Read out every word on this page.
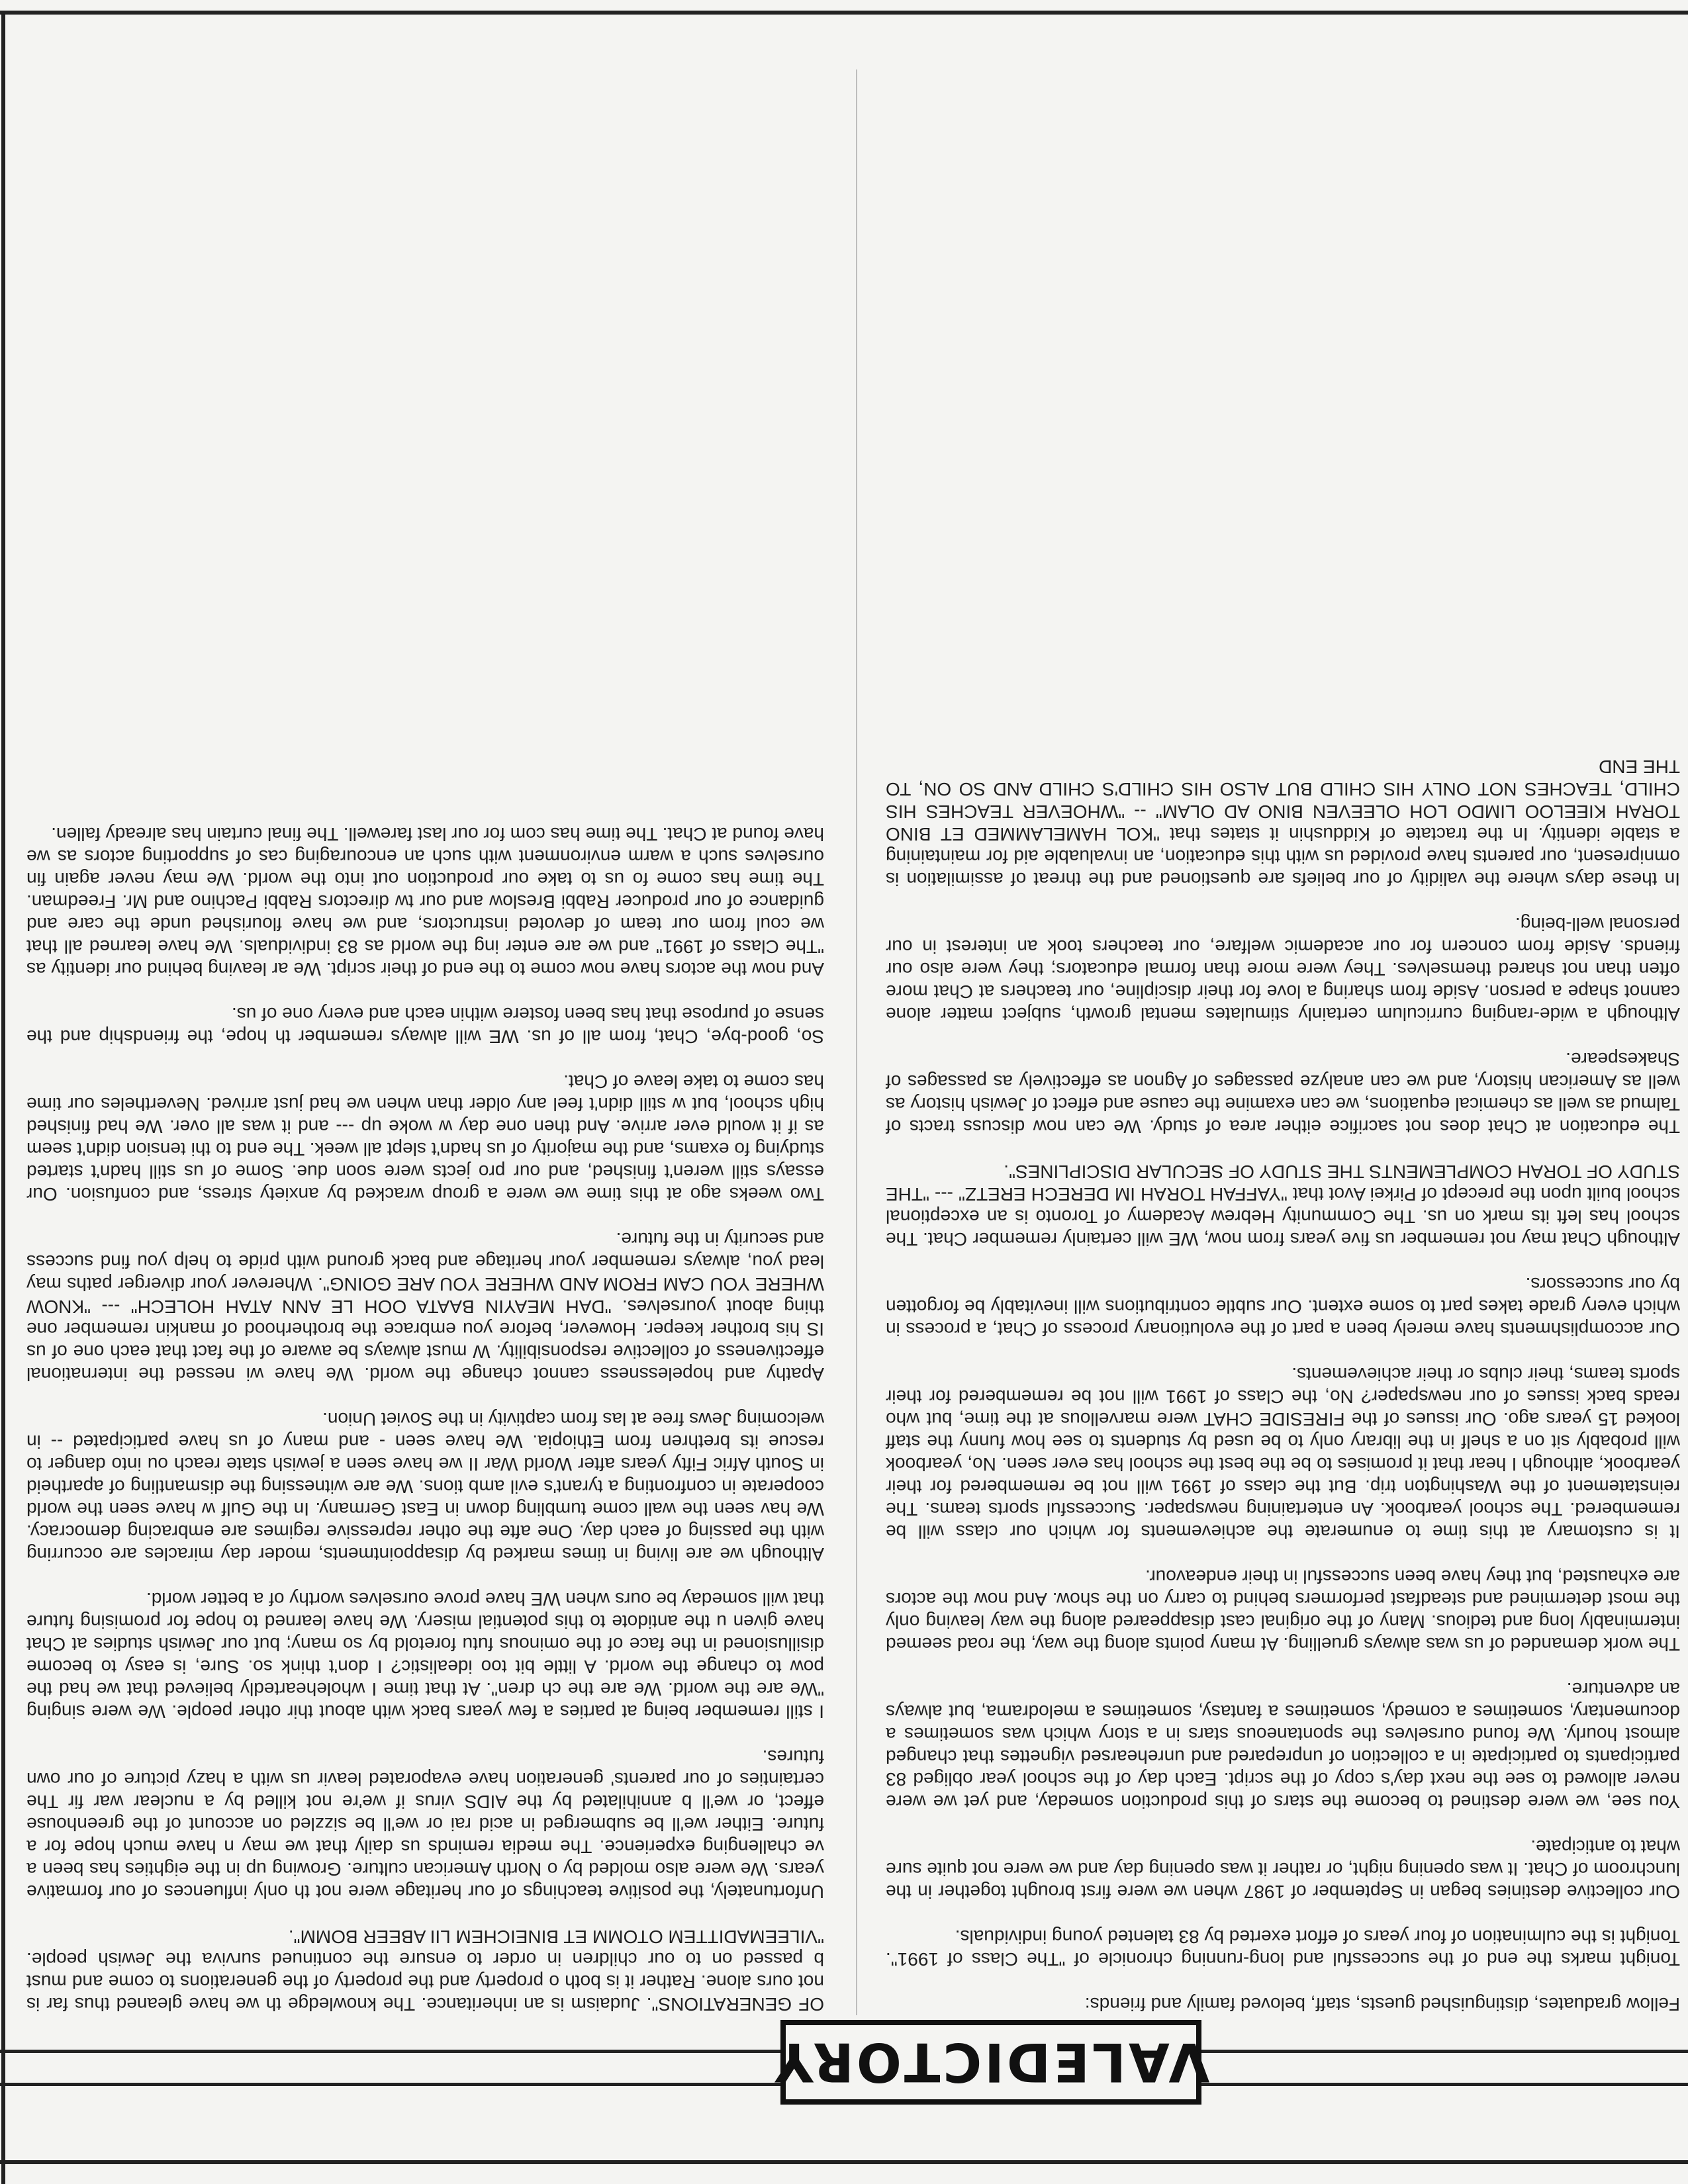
VALEDICTORY

Fellow graduates, distinguished guests, staff, beloved family and friends:

Tonight marks the end of the successful and long-running chronicle of "The Class of 1991". Tonight is the culmination of four years of effort exerted by 83 talented young individuals.

Our collective destinies began in September of 1987 when we were first brought together in the lunchroom of Chat. It was opening night, or rather it was opening day and we were not quite sure what to anticipate.

You see, we were destined to become the stars of this production someday, and yet we were never allowed to see the next day's copy of the script. Each day of the school year obliged 83 participants to participate in a collection of unprepared and unrehearsed vignettes that changed almost hourly. We found ourselves the spontaneous stars in a story which was sometimes a documentary, sometimes a comedy, sometimes a fantasy, sometimes a melodrama, but always an adventure.

The work demanded of us was always gruelling. At many points along the way, the road seemed interminably long and tedious. Many of the original cast disappeared along the way leaving only the most determined and steadfast performers behind to carry on the show. And now the actors are exhausted, but they have been successful in their endeavour.

It is customary at this time to enumerate the achievements for which our class will be remembered. The school yearbook. An entertaining newspaper. Successful sports teams. The reinstatement of the Washington trip. But the class of 1991 will not be remembered for their yearbook, although I hear that it promises to be the best the school has ever seen. No, yearbook will probably sit on a shelf in the library only to be used by students to see how funny the staff looked 15 years ago. Our issues of the FIRESIDE CHAT were marvellous at the time, but who reads back issues of our newspaper? No, the Class of 1991 will not be remembered for their sports teams, their clubs or their achievements.

Our accomplishments have merely been a part of the evolutionary process of Chat, a process in which every grade takes part to some extent. Our subtle contributions will inevitably be forgotten by our successors.

Although Chat may not remember us five years from now, WE will certainly remember Chat. The school has left its mark on us. The Community Hebrew Academy of Toronto is an exceptional school built upon the precept of Pirkei Avot that "YAFFAH TORAH IM DERECH ERETZ" --- "THE STUDY OF TORAH COMPLEMENTS THE STUDY OF SECULAR DISCIPLINES".

The education at Chat does not sacrifice either area of study. We can now discuss tracts of Talmud as well as chemical equations, we can examine the cause and effect of Jewish history as well as American history, and we can analyze passages of Agnon as effectively as passages of Shakespeare.

Although a wide-ranging curriculum certainly stimulates mental growth, subject matter alone cannot shape a person. Aside from sharing a love for their discipline, our teachers at Chat more often than not shared themselves. They were more than formal educators; they were also our friends. Aside from concern for our academic welfare, our teachers took an interest in our personal well-being.

In these days where the validity of our beliefs are questioned and the threat of assimilation is omnipresent, our parents have provided us with this education, an invaluable aid for maintaining a stable identity. In the tractate of Kiddushin it states that "KOL HAMELAMMED ET BINO TORAH KIEELOO LIMDO LOH OLEEVEN BINO AD OLAM" -- "WHOEVER TEACHES HIS CHILD, TEACHES NOT ONLY HIS CHILD BUT ALSO HIS CHILD'S CHILD AND SO ON, TO THE END

OF GENERATIONS". Judaism is an inheritance. The knowledge th we have gleaned thus far is not ours alone. Rather it is both o property and the property of the generations to come and must b passed on to our children in order to ensure the continued surviva the Jewish people. "VILEEMADITTEM OTOMM ET BINEICHEM LII ABEER BOMM".

Unfortunately, the positive teachings of our heritage were not th only influences of our formative years. We were also molded by o North American culture. Growing up in the eighties has been a ve challenging experience. The media reminds us daily that we may n have much hope for a future. Either we'll be submerged in acid rai or we'll be sizzled on account of the greenhouse effect, or we'll b annihilated by the AIDS virus if we're not killed by a nuclear war fir The certainties of our parents' generation have evaporated leavir us with a hazy picture of our own futures.

I still remember being at parties a few years back with about thir other people. We were singing "We are the world. We are the ch dren". At that time I wholeheartedly believed that we had the pow to change the world. A little bit too idealistic? I don't think so. Sure, is easy to become disillusioned in the face of the ominous futu foretold by so many; but our Jewish studies at Chat have given u the antidote to this potential misery. We have learned to hope for promising future that will someday be ours when WE have prove ourselves worthy of a better world.

Although we are living in times marked by disappointments, moder day miracles are occurring with the passing of each day. One afte the other repressive regimes are embracing democracy. We hav seen the wall come tumbling down in East Germany. In the Gulf w have seen the world cooperate in confronting a tyrant's evil amb tions. We are witnessing the dismantling of apartheid in South Afric Fifty years after World War II we have seen a jewish state reach ou into danger to rescue its brethren from Ethiopia. We have seen - and many of us have participated -- in welcoming Jews free at las from captivity in the Soviet Union.

Apathy and hopelessness cannot change the world. We have wi nessed the international effectiveness of collective responsibility. W must always be aware of the fact that each one of us IS his brother keeper. However, before you embrace the brotherhood of mankin remember one thing about yourselves. "DAH MEAYIN BAATA OOH LE ANN ATAH HOLECH" --- "KNOW WHERE YOU CAM FROM AND WHERE YOU ARE GOING". Wherever your diverger paths may lead you, always remember your heritage and back ground with pride to help you find success and security in the future.

Two weeks ago at this time we were a group wracked by anxiety stress, and confusion. Our essays still weren't finished, and our pro jects were soon due. Some of us still hadn't started studying fo exams, and the majority of us hadn't slept all week. The end to thi tension didn't seem as if it would ever arrive. And then one day w woke up --- and it was all over. We had finished high school, but w still didn't feel any older than when we had just arrived. Nevertheles our time has come to take leave of Chat.

So, good-bye, Chat, from all of us. WE will always remember th hope, the friendship and the sense of purpose that has been fostere within each and every one of us.

And now the actors have now come to the end of their script. We ar leaving behind our identity as "The Class of 1991" and we are enter ing the world as 83 individuals. We have learned all that we coul from our team of devoted instructors, and we have flourished unde the care and guidance of our producer Rabbi Breslow and our tw directors Rabbi Pachino and Mr. Freedman. The time has come fo us to take our production out into the world. We may never again fin ourselves such a warm environment with such an encouraging cas of supporting actors as we have found at Chat. The time has com for our last farewell. The final curtain has already fallen.
